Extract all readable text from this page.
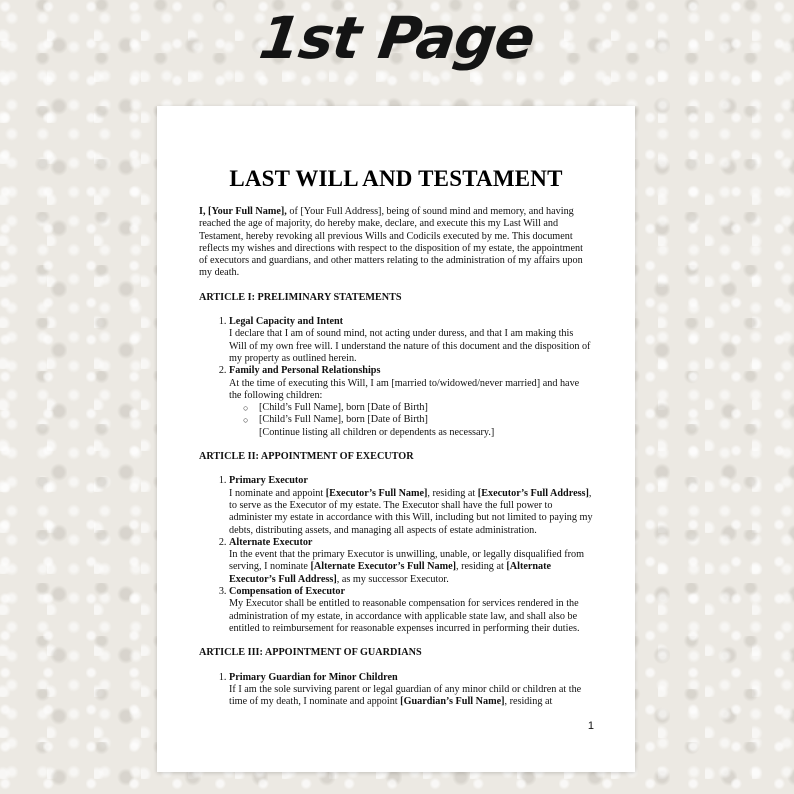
1st Page
LAST WILL AND TESTAMENT

I, [Your Full Name], of [Your Full Address], being of sound mind and memory, and having reached the age of majority, do hereby make, declare, and execute this my Last Will and Testament, hereby revoking all previous Wills and Codicils executed by me. This document reflects my wishes and directions with respect to the disposition of my estate, the appointment of executors and guardians, and other matters relating to the administration of my affairs upon my death.

ARTICLE I: PRELIMINARY STATEMENTS
1. Legal Capacity and Intent
I declare that I am of sound mind, not acting under duress, and that I am making this Will of my own free will. I understand the nature of this document and the disposition of my property as outlined herein.
2. Family and Personal Relationships
At the time of executing this Will, I am [married to/widowed/never married] and have the following children:
○ [Child’s Full Name], born [Date of Birth]
○ [Child’s Full Name], born [Date of Birth]
[Continue listing all children or dependents as necessary.]
ARTICLE II: APPOINTMENT OF EXECUTOR
1. Primary Executor
I nominate and appoint [Executor’s Full Name], residing at [Executor’s Full Address], to serve as the Executor of my estate. The Executor shall have the full power to administer my estate in accordance with this Will, including but not limited to paying my debts, distributing assets, and managing all aspects of estate administration.
2. Alternate Executor
In the event that the primary Executor is unwilling, unable, or legally disqualified from serving, I nominate [Alternate Executor’s Full Name], residing at [Alternate Executor’s Full Address], as my successor Executor.
3. Compensation of Executor
My Executor shall be entitled to reasonable compensation for services rendered in the administration of my estate, in accordance with applicable state law, and shall also be entitled to reimbursement for reasonable expenses incurred in performing their duties.
ARTICLE III: APPOINTMENT OF GUARDIANS
1. Primary Guardian for Minor Children
If I am the sole surviving parent or legal guardian of any minor child or children at the time of my death, I nominate and appoint [Guardian’s Full Name], residing at
1
